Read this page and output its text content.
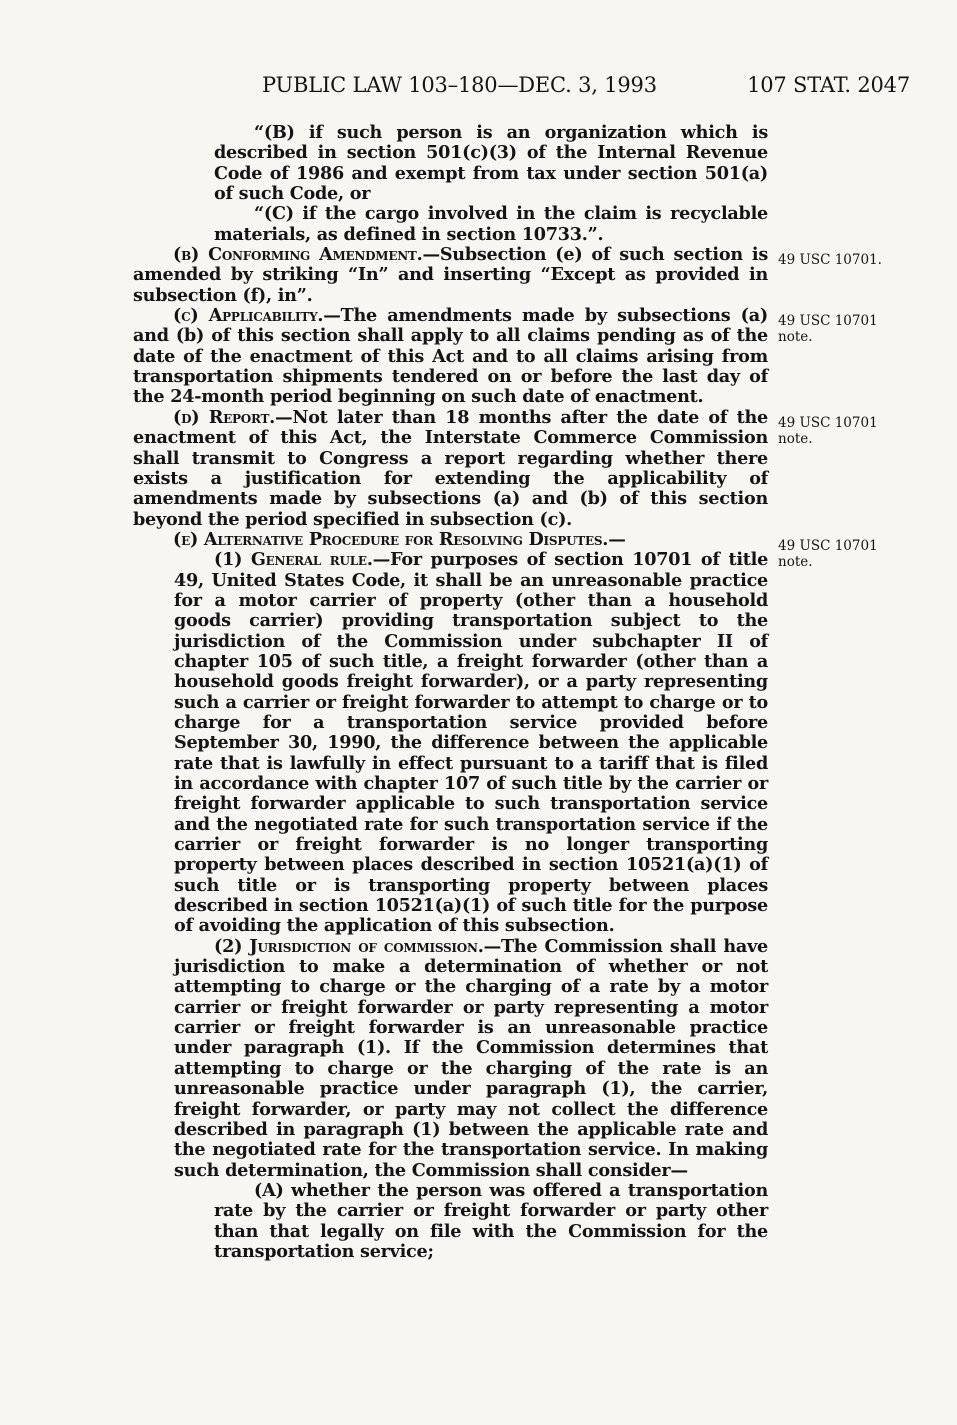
PUBLIC LAW 103–180—DEC. 3, 1993	107 STAT. 2047

“(B) if such person is an organization which is described in section 501(c)(3) of the Internal Revenue Code of 1986 and exempt from tax under section 501(a) of such Code, or

“(C) if the cargo involved in the claim is recyclable materials, as defined in section 10733.”.

(b) Conforming Amendment.—Subsection (e) of such section is amended by striking “In” and inserting “Except as provided in subsection (f), in”.

(c) Applicability.—The amendments made by subsections (a) and (b) of this section shall apply to all claims pending as of the date of the enactment of this Act and to all claims arising from transportation shipments tendered on or before the last day of the 24-month period beginning on such date of enactment.

(d) Report.—Not later than 18 months after the date of the enactment of this Act, the Interstate Commerce Commission shall transmit to Congress a report regarding whether there exists a justification for extending the applicability of amendments made by subsections (a) and (b) of this section beyond the period specified in subsection (c).

(e) Alternative Procedure for Resolving Disputes.—

(1) General rule.—For purposes of section 10701 of title 49, United States Code, it shall be an unreasonable practice for a motor carrier of property (other than a household goods carrier) providing transportation subject to the jurisdiction of the Commission under subchapter II of chapter 105 of such title, a freight forwarder (other than a household goods freight forwarder), or a party representing such a carrier or freight forwarder to attempt to charge or to charge for a transportation service provided before September 30, 1990, the difference between the applicable rate that is lawfully in effect pursuant to a tariff that is filed in accordance with chapter 107 of such title by the carrier or freight forwarder applicable to such transportation service and the negotiated rate for such transportation service if the carrier or freight forwarder is no longer transporting property between places described in section 10521(a)(1) of such title or is transporting property between places described in section 10521(a)(1) of such title for the purpose of avoiding the application of this subsection.

(2) Jurisdiction of commission.—The Commission shall have jurisdiction to make a determination of whether or not attempting to charge or the charging of a rate by a motor carrier or freight forwarder or party representing a motor carrier or freight forwarder is an unreasonable practice under paragraph (1). If the Commission determines that attempting to charge or the charging of the rate is an unreasonable practice under paragraph (1), the carrier, freight forwarder, or party may not collect the difference described in paragraph (1) between the applicable rate and the negotiated rate for the transportation service. In making such determination, the Commission shall consider—

(A) whether the person was offered a transportation rate by the carrier or freight forwarder or party other than that legally on file with the Commission for the transportation service;

49 USC 10701.
49 USC 10701
note.
49 USC 10701
note.
49 USC 10701
note.
